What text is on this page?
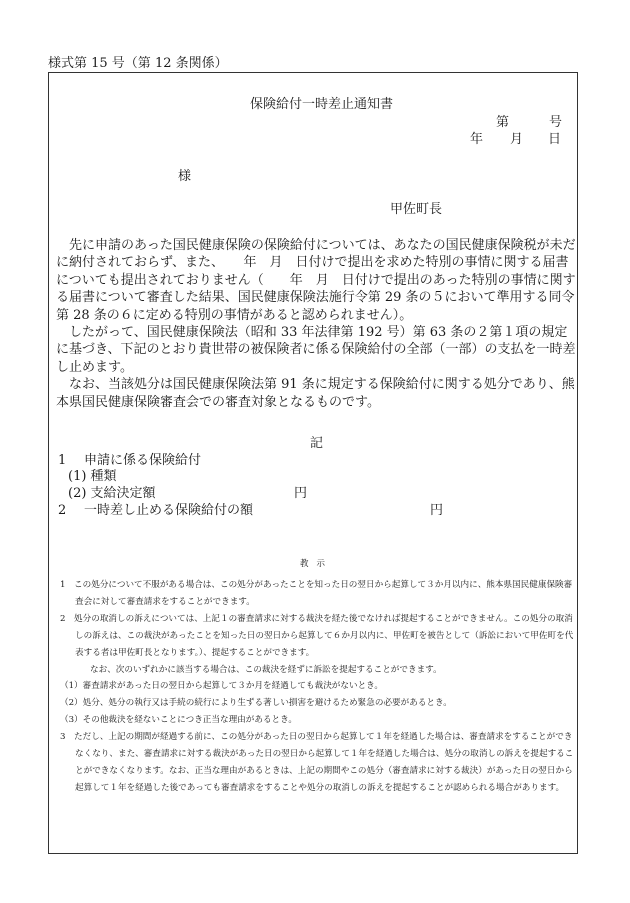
様式第 15 号（第 12 条関係）
保険給付一時差止通知書
第	号
年 月 日
様
甲佐町長

先に申請のあった国民健康保険の保険給付については、あなたの国民健康保険税が未だに納付されておらず、また、　　年　月　日付けで提出を求めた特別の事情に関する届書についても提出されておりません（　　年　月　日付けで提出のあった特別の事情に関する届書について審査した結果、国民健康保険法施行令第 29 条の５において準用する同令第 28 条の６に定める特別の事情があると認められません）。

したがって、国民健康保険法（昭和 33 年法律第 192 号）第 63 条の２第１項の規定に基づき、下記のとおり貴世帯の被保険者に係る保険給付の全部（一部）の支払を一時差し止めます。

なお、当該処分は国民健康保険法第 91 条に規定する保険給付に関する処分であり、熊本県国民健康保険審査会での審査対象となるものです。

記
1 申請に係る保険給付
(1) 種類
(2) 支給決定額	円
2 一時差し止める保険給付の額	円
教示

1　この処分について不服がある場合は、この処分があったことを知った日の翌日から起算して３か月以内に、熊本県国民健康保険審査会に対して審査請求をすることができます。

2　処分の取消しの訴えについては、上記１の審査請求に対する裁決を経た後でなければ提起することができません。この処分の取消しの訴えは、この裁決があったことを知った日の翌日から起算して６か月以内に、甲佐町を被告として（訴訟において甲佐町を代表する者は甲佐町長となります。）、提起することができます。

なお、次のいずれかに該当する場合は、この裁決を経ずに訴訟を提起することができます。

（1）審査請求があった日の翌日から起算して３か月を経過しても裁決がないとき。

（2）処分、処分の執行又は手続の続行により生ずる著しい損害を避けるため緊急の必要があるとき。

（3）その他裁決を経ないことにつき正当な理由があるとき。

3　ただし、上記の期間が経過する前に、この処分があった日の翌日から起算して１年を経過した場合は、審査請求をすることができなくなり、また、審査請求に対する裁決があった日の翌日から起算して１年を経過した場合は、処分の取消しの訴えを提起することができなくなります。なお、正当な理由があるときは、上記の期間やこの処分（審査請求に対する裁決）があった日の翌日から起算して１年を経過した後であっても審査請求をすることや処分の取消しの訴えを提起することが認められる場合があります。
